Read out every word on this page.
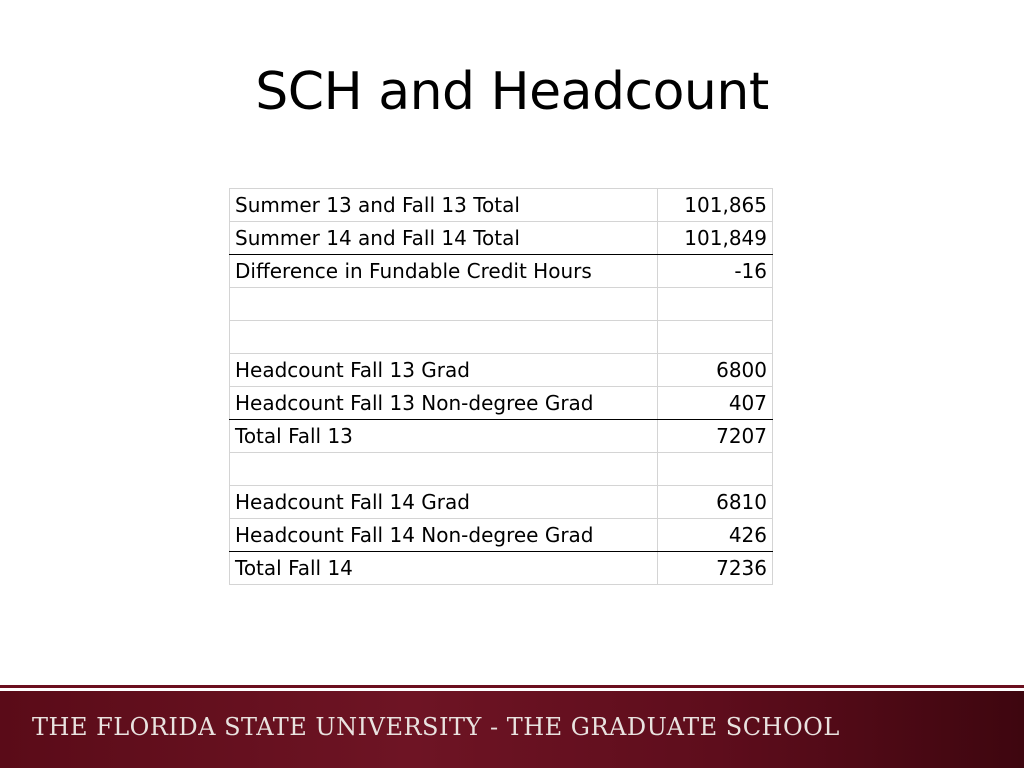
SCH and Headcount
Summer 13 and Fall 13 Total	101,865
Summer 14 and Fall 14 Total	101,849
Difference in Fundable Credit Hours	-16

Headcount Fall 13 Grad	6800
Headcount Fall 13 Non-degree Grad	407
Total Fall 13	7207

Headcount Fall 14 Grad	6810
Headcount Fall 14 Non-degree Grad	426
Total Fall 14	7236
THE FLORIDA STATE UNIVERSITY - THE GRADUATE SCHOOL
